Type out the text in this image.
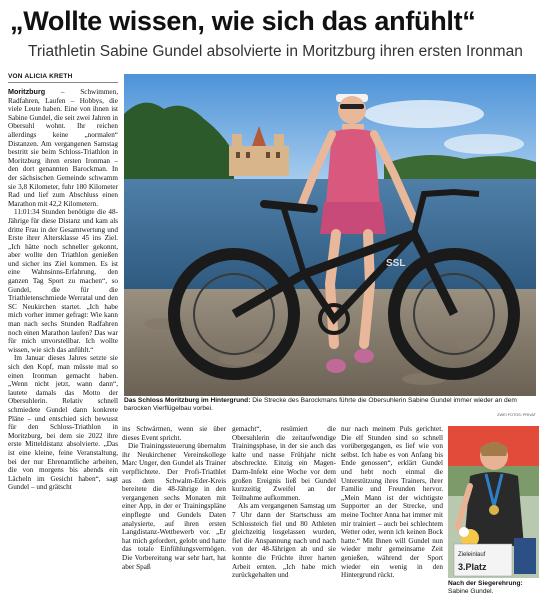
„Wollte wissen, wie sich das anfühlt“
Triathletin Sabine Gundel absolvierte in Moritzburg ihren ersten Ironman
VON ALICIA KRETH

Moritzburg – Schwimmen, Radfahren, Laufen – Hobbys, die viele Leute haben. Eine von ihnen ist Sabine Gundel, die seit zwei Jahren in Obersuhl wohnt. Ihr reichen allerdings keine „normalen“ Distanzen. Am vergangenen Samstag bestritt sie beim Schloss-Triathlon in Moritzburg ihren ersten Ironman – den dort genannten Barockman. In der sächsischen Gemeinde schwamm sie 3,8 Kilometer, fuhr 180 Kilometer Rad und lief zum Abschluss einen Marathon mit 42,2 Kilometern.

11:01:34 Stunden benötigte die 48-Jährige für diese Distanz und kam als dritte Frau in der Gesamtwertung und Erste ihrer Altersklasse 45 ins Ziel. „Ich hätte noch schneller gekonnt, aber wollte den Triathlon genießen und sicher ins Ziel kommen. Es ist eine Wahnsinns-Erfahrung, den ganzen Tag Sport zu machen“, so Gundel, die für die Triathletenschmiede Werratal und den SC Neukirchen startet. „Ich habe mich vorher immer gefragt: Wie kann man nach sechs Stunden Radfahren noch einen Marathon laufen? Das war für mich unvorstellbar. Ich wollte wissen, wie sich das anfühlt.“

Im Januar dieses Jahres setzte sie sich den Kopf, man müsste mal so einen Ironman gemacht haben. „Wenn nicht jetzt, wann dann“, lautete damals das Motto der Obersuhlerin. Relativ schnell schmiedete Gundel dann konkrete Pläne – und entschied sich bewusst für den Schloss-Triathlon in Moritzburg, bei dem sie 2022 ihre erste Mitteldistanz absolvierte. „Das ist eine kleine, feine Veranstaltung, bei der nur Ehrenamtliche arbeiten, die von morgens bis abends ein Lächeln im Gesicht haben“, sagt Gundel – und grätscht

SSL
Das Schloss Moritzburg im Hintergrund: Die Strecke des Barockmans führte die Obersuhlerin Sabine Gundel immer wieder an dem barocken Vierflügelbau vorbei.
ZWEI FOTOS: PRIVAT

ins Schwärmen, wenn sie über dieses Event spricht.

Die Trainingssteuerung übernahm ihr Neukirchener Vereinskollege Marc Unger, den Gundel als Trainer verpflichtete. Der Profi-Triathlet aus dem Schwalm-Eder-Kreis bereitete die 48-Jährige in den vergangenen sechs Monaten mit einer App, in der er Trainingspläne einpflegte und Gundels Daten analysierte, auf ihren ersten Langdistanz-Wettbewerb vor. „Er hat mich gefordert, gelobt und hatte das totale Einfühlungsvermögen. Die Vorbereitung war sehr hart, hat aber Spaß

gemacht“, resümiert die Obersuhlerin die zeitaufwendige Trainingsphase, in der sie auch das kalte und nasse Frühjahr nicht abschreckte. Einzig ein Magen-Darm-Infekt eine Woche vor dem großen Ereignis ließ bei Gundel kurzzeitig Zweifel an der Teilnahme aufkommen.

Als am vergangenen Samstag um 7 Uhr dann der Startschuss am Schlossteich fiel und 80 Athleten gleichzeitig losgelassen wurden, fiel die Anspannung nach und nach von der 48-Jährigen ab und sie konnte die Früchte ihrer harten Arbeit ernten. „Ich habe mich zurückgehalten und

nur nach meinem Puls gerichtet. Die elf Stunden sind so schnell vorübergegangen, es lief wie von selbst. Ich habe es von Anfang bis Ende genossen“, erklärt Gundel und hebt noch einmal die Unterstützung ihres Trainers, ihrer Familie und Freunden hervor. „Mein Mann ist der wichtigste Supporter an der Strecke, und meine Tochter Anna hat immer mit mir trainiert – auch bei schlechtem Wetter oder, wenn ich keinen Bock hatte.“ Mit Ihnen will Gundel nun wieder mehr gemeinsame Zeit genießen, während der Sport wieder ein wenig in den Hintergrund rückt.

Zieleinlauf
3.Platz
Nach der Siegerehrung: Sabine Gundel.
